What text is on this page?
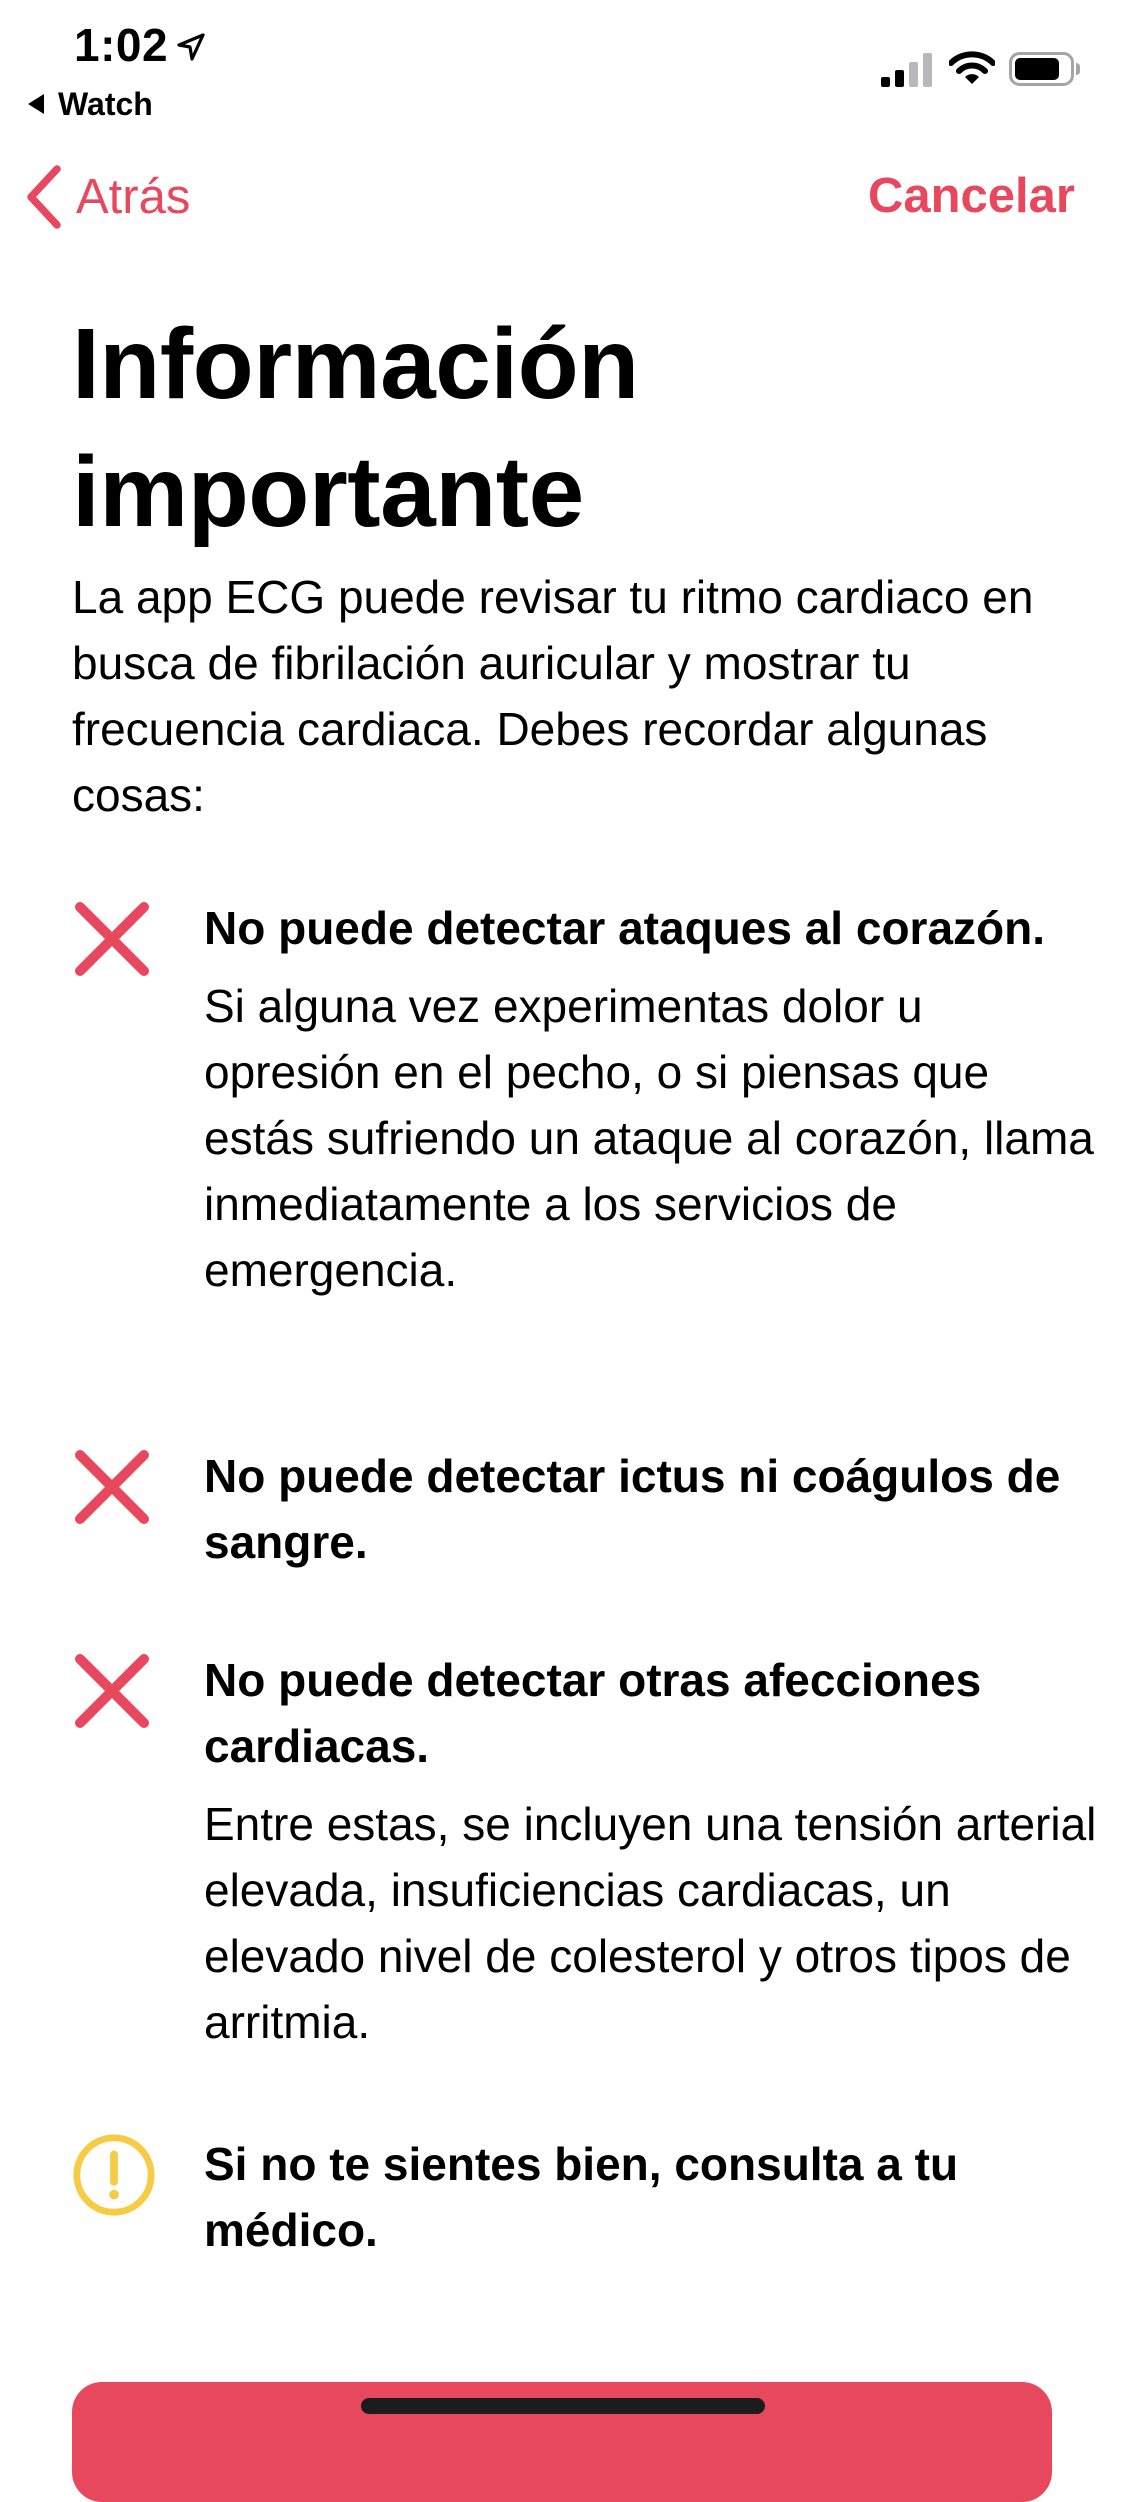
1:02
Watch
Atrás	Cancelar
Información importante

La app ECG puede revisar tu ritmo cardiaco en busca de fibrilación auricular y mostrar tu frecuencia cardiaca. Debes recordar algunas cosas:

No puede detectar ataques al corazón.
Si alguna vez experimentas dolor u opresión en el pecho, o si piensas que estás sufriendo un ataque al corazón, llama inmediatamente a los servicios de emergencia.
No puede detectar ictus ni coágulos de sangre.
No puede detectar otras afecciones cardiacas.
Entre estas, se incluyen una tensión arterial elevada, insuficiencias cardiacas, un elevado nivel de colesterol y otros tipos de arritmia.
Si no te sientes bien, consulta a tu médico.
